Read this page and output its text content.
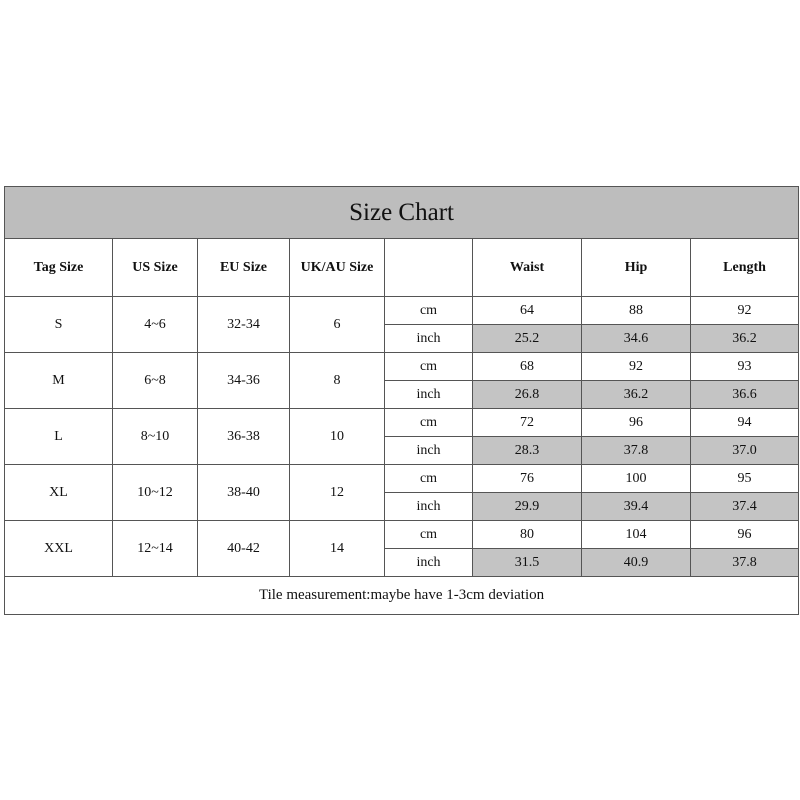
Size Chart							
Tag Size	US Size	EU Size	UK/AU Size		Waist	Hip	Length
S	4~6	32-34	6	cm	64	88	92
				inch	25.2	34.6	36.2
M	6~8	34-36	8	cm	68	92	93
				inch	26.8	36.2	36.6
L	8~10	36-38	10	cm	72	96	94
				inch	28.3	37.8	37.0
XL	10~12	38-40	12	cm	76	100	95
				inch	29.9	39.4	37.4
XXL	12~14	40-42	14	cm	80	104	96
				inch	31.5	40.9	37.8
Tile measurement:maybe have 1-3cm deviation							
